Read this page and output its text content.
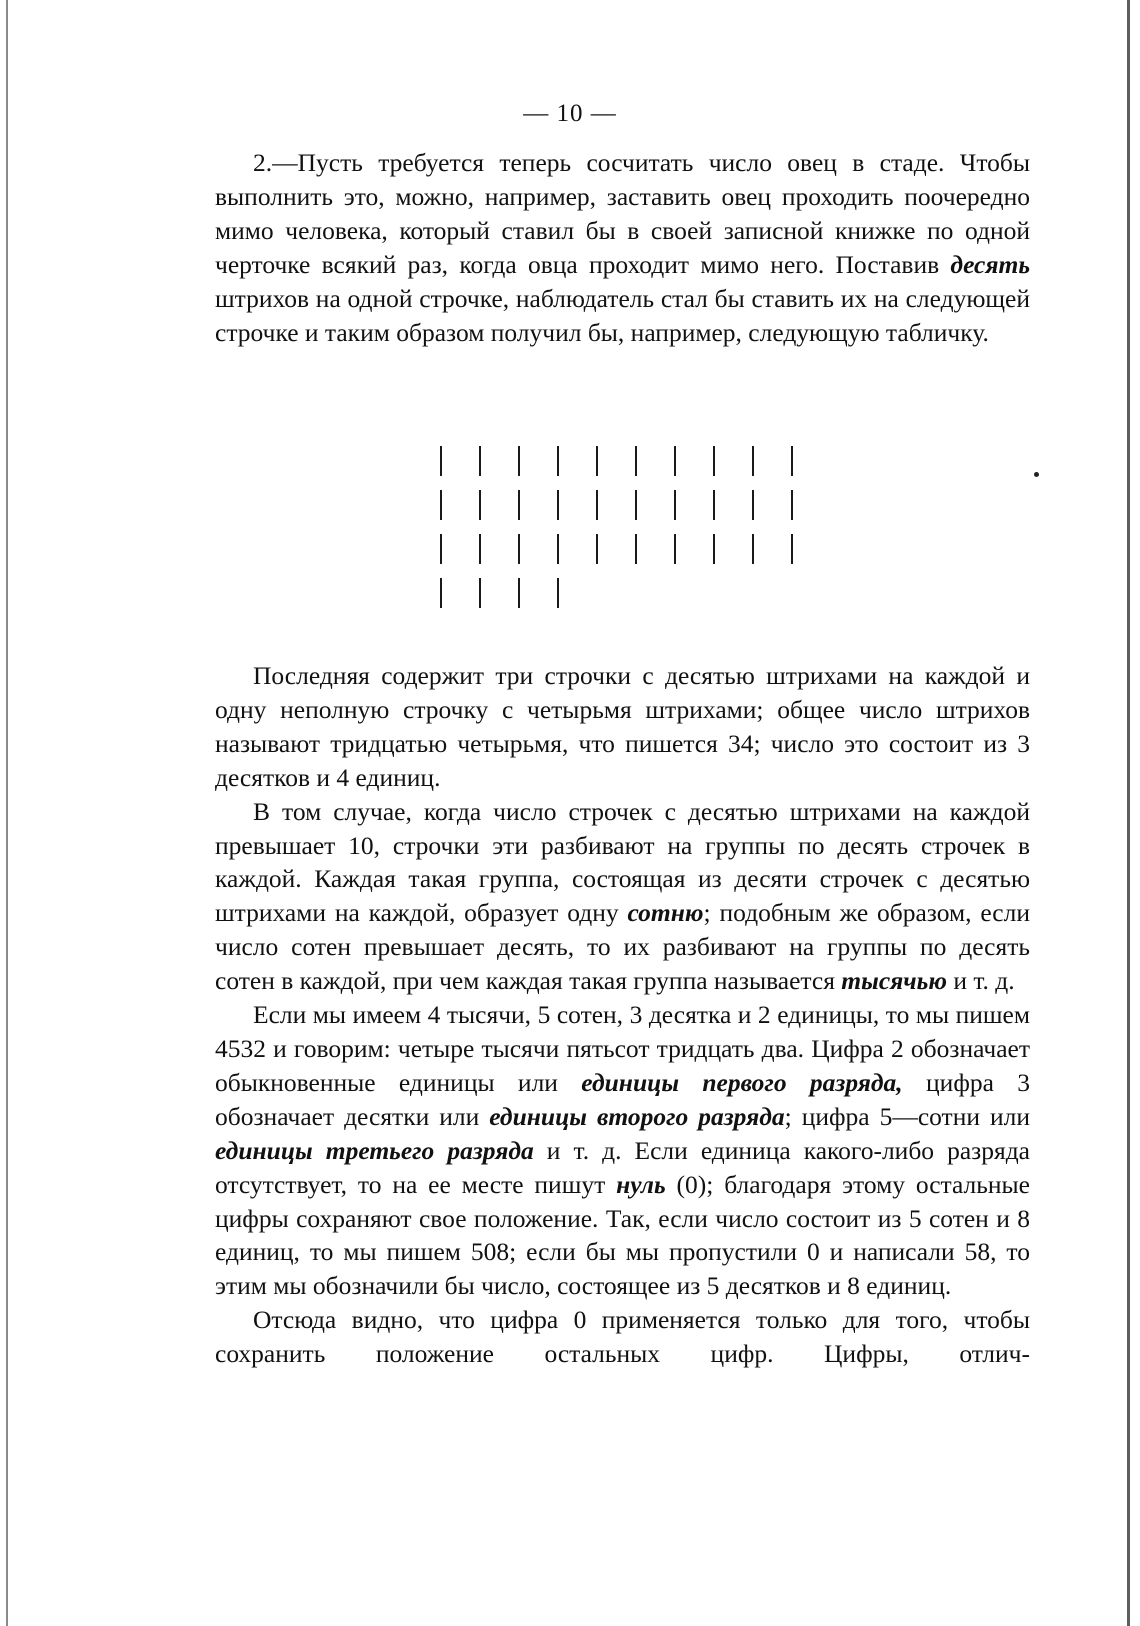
— 10 —

2.—Пусть требуется теперь сосчитать число овец в стаде. Чтобы выполнить это, можно, например, заставить овец проходить поочередно мимо человека, который ставил бы в своей записной книжке по одной черточке всякий раз, когда овца проходит мимо него. Поставив десять штрихов на одной строчке, наблюдатель стал бы ставить их на следующей строчке и таким образом получил бы, например, следующую табличку.

Последняя содержит три строчки с десятью штрихами на каждой и одну неполную строчку с четырьмя штрихами; общее число штрихов называют тридцатью четырьмя, что пишется 34; число это состоит из 3 десятков и 4 единиц.

В том случае, когда число строчек с десятью штрихами на каждой превышает 10, строчки эти разбивают на группы по десять строчек в каждой. Каждая такая группа, состоящая из десяти строчек с десятью штрихами на каждой, образует одну сотню; подобным же образом, если число сотен превышает десять, то их разбивают на группы по десять сотен в каждой, при чем каждая такая группа называется тысячью и т. д.

Если мы имеем 4 тысячи, 5 сотен, 3 десятка и 2 единицы, то мы пишем 4532 и говорим: четыре тысячи пятьсот тридцать два. Цифра 2 обозначает обыкновенные единицы или единицы первого разряда, цифра 3 обозначает десятки или единицы второго разряда; цифра 5—сотни или единицы третьего разряда и т. д. Если единица какого-либо разряда отсутствует, то на ее месте пишут нуль (0); благодаря этому остальные цифры сохраняют свое положение. Так, если число состоит из 5 сотен и 8 единиц, то мы пишем 508; если бы мы пропустили 0 и написали 58, то этим мы обозначили бы число, состоящее из 5 десятков и 8 единиц.

Отсюда видно, что цифра 0 применяется только для того, чтобы сохранить положение остальных цифр. Цифры, отлич-
